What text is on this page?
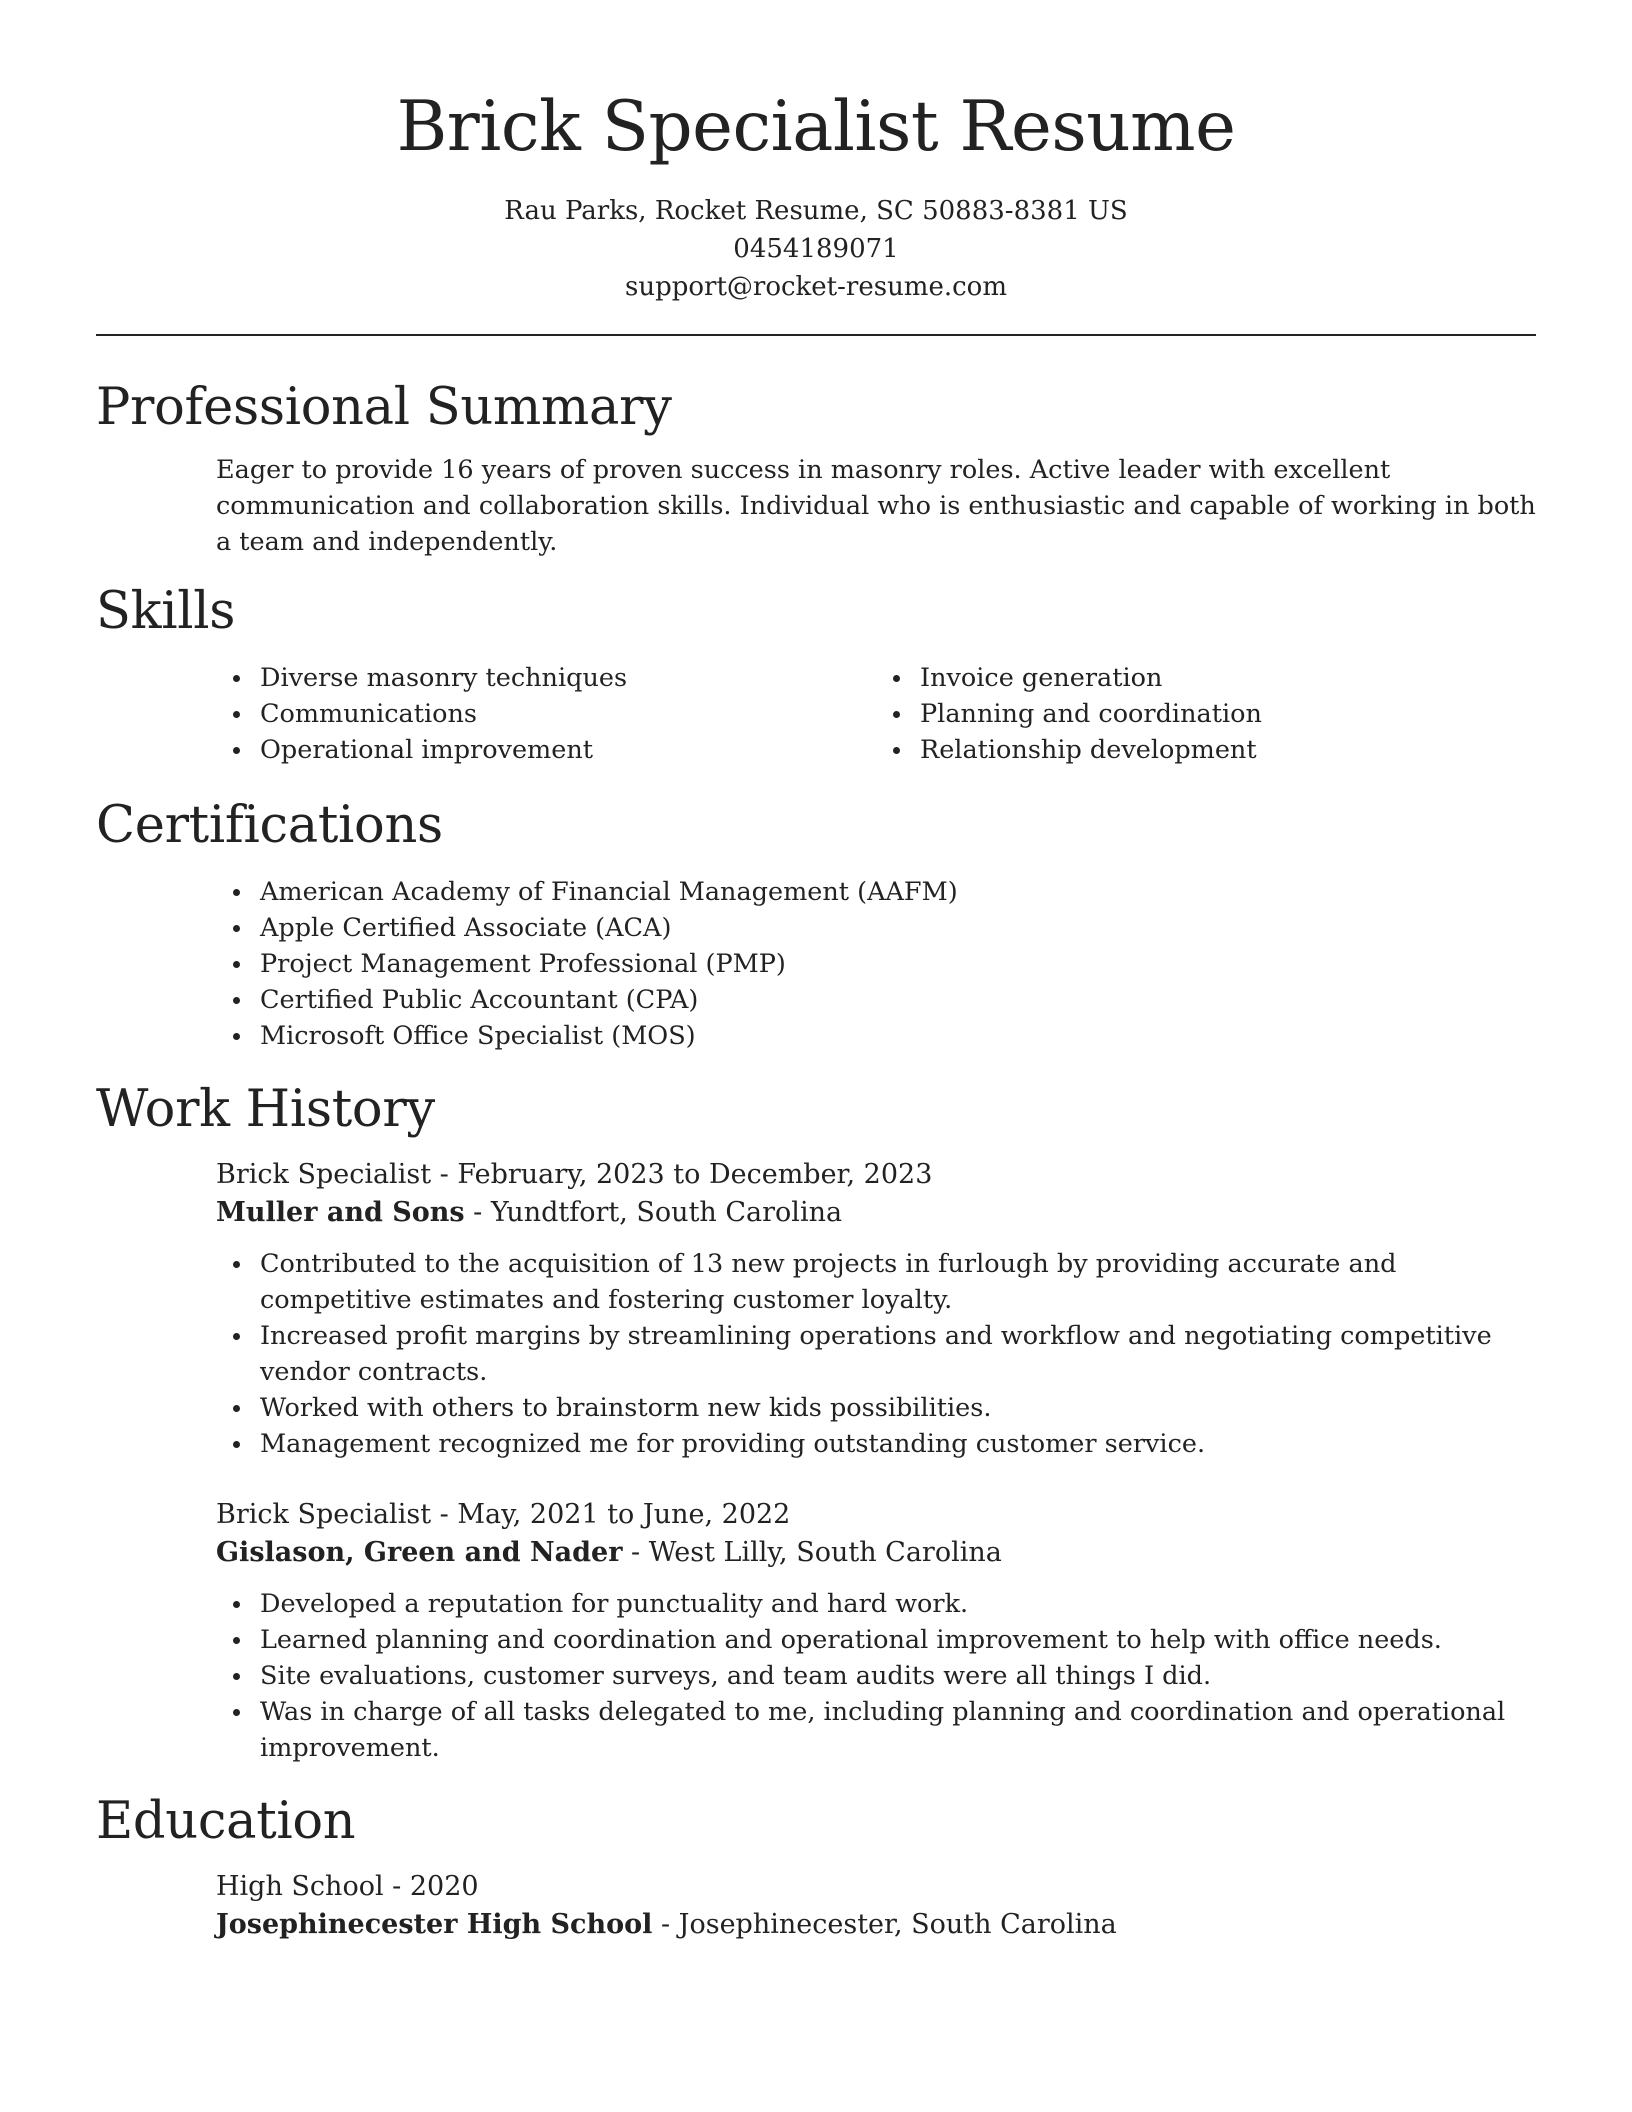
Brick Specialist Resume
Rau Parks, Rocket Resume, SC 50883-8381 US
0454189071
support@rocket-resume.com
Professional Summary
Eager to provide 16 years of proven success in masonry roles. Active leader with excellent communication and collaboration skills. Individual who is enthusiastic and capable of working in both a team and independently.
Skills
Diverse masonry techniques
Communications
Operational improvement
Invoice generation
Planning and coordination
Relationship development
Certifications
American Academy of Financial Management (AAFM)
Apple Certified Associate (ACA)
Project Management Professional (PMP)
Certified Public Accountant (CPA)
Microsoft Office Specialist (MOS)
Work History
Brick Specialist - February, 2023 to December, 2023
Muller and Sons - Yundtfort, South Carolina
Contributed to the acquisition of 13 new projects in furlough by providing accurate and competitive estimates and fostering customer loyalty.
Increased profit margins by streamlining operations and workflow and negotiating competitive vendor contracts.
Worked with others to brainstorm new kids possibilities.
Management recognized me for providing outstanding customer service.
Brick Specialist - May, 2021 to June, 2022
Gislason, Green and Nader - West Lilly, South Carolina
Developed a reputation for punctuality and hard work.
Learned planning and coordination and operational improvement to help with office needs.
Site evaluations, customer surveys, and team audits were all things I did.
Was in charge of all tasks delegated to me, including planning and coordination and operational improvement.
Education
High School - 2020
Josephinecester High School - Josephinecester, South Carolina
